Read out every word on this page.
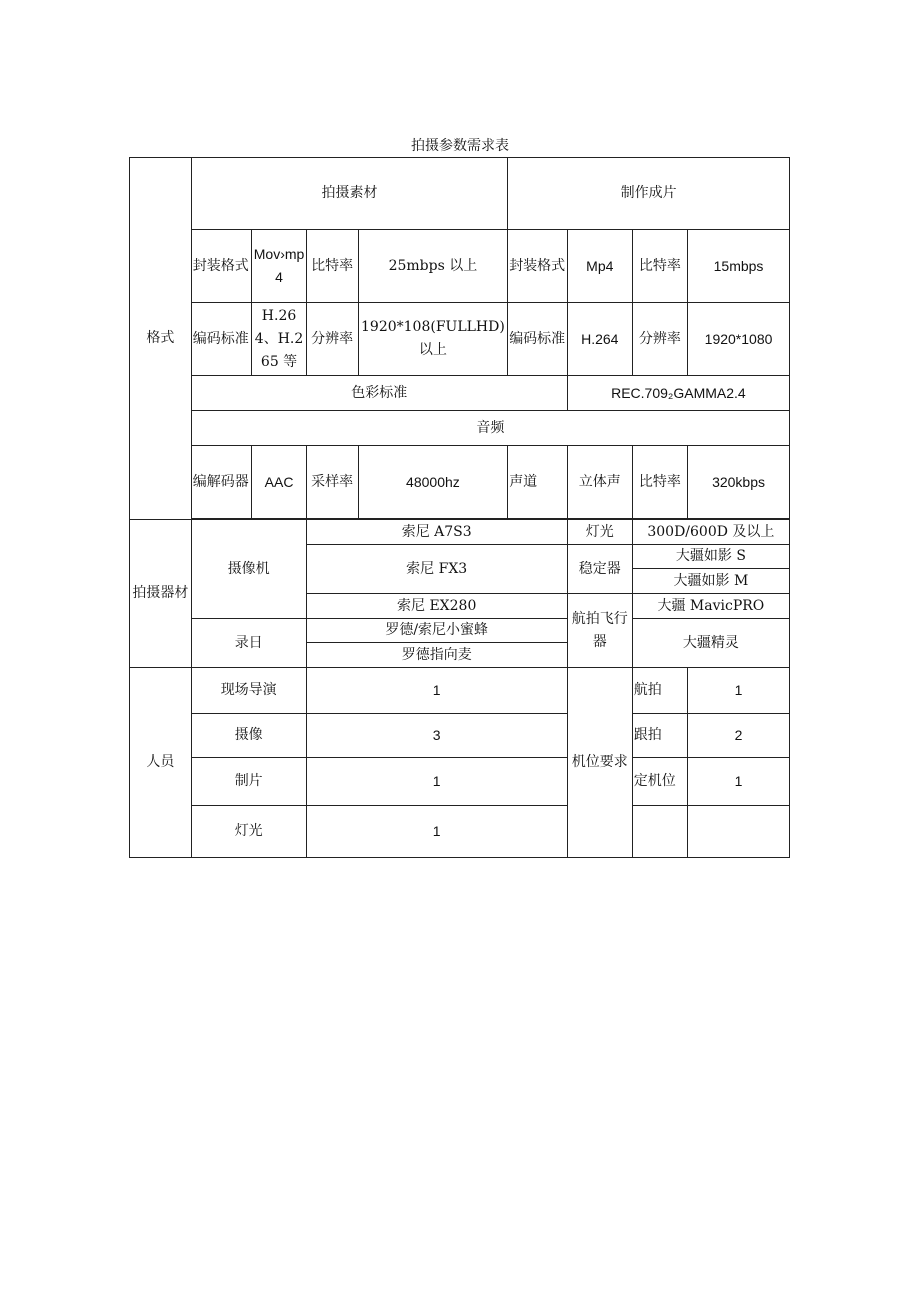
拍摄参数需求表
格式	拍摄素材				制作成片			
	封装格式	Mov›mp4	比特率	25mbps 以上	封装格式	Mp4	比特率	15mbps
	编码标准	H.264、H.265 等	分辨率	1920*108(FULLHD)以上	编码标准	H.264	分辨率	1920*1080
	色彩标准					REC.709₂GAMMA2.4		
	音频							
	编解码器	AAC	采样率	48000hz	声道	立体声	比特率	320kbps

拍摄器材	摄像机		索尼 A7S3			灯光	300D/600D 及以上	
			索尼 FX3			稳定器	大疆如影 S	
							大疆如影 M	
			索尼 EX280			航拍飞行器	大疆 MavicPRO	
	录日		罗德/索尼小蜜蜂				大疆精灵	
			罗德指向麦					
人员	现场导演		1			机位要求	航拍	1
	摄像		3				跟拍	2
	制片		1				定机位	1
	灯光		1					
